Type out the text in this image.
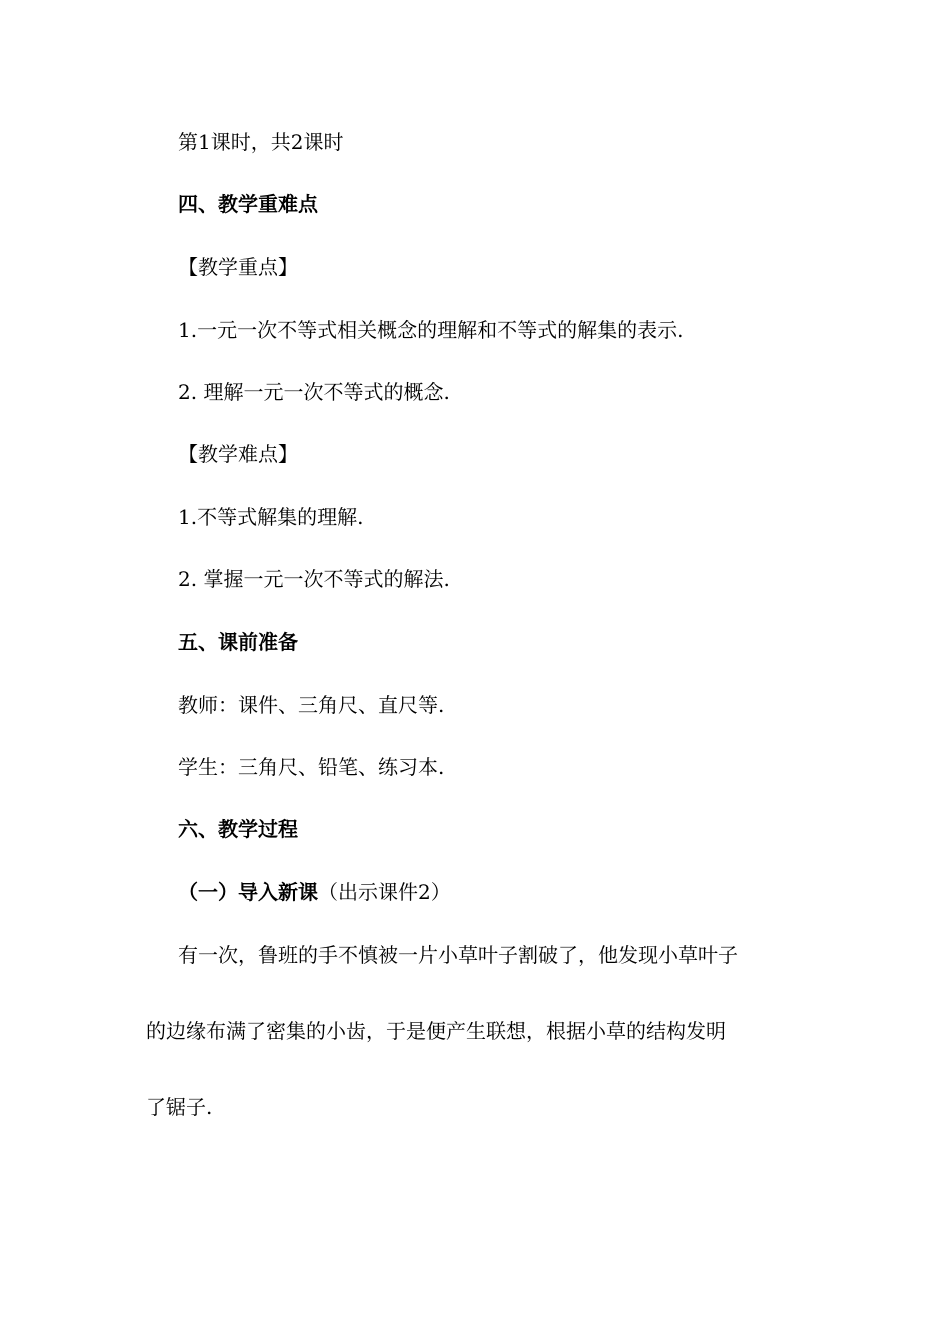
第1课时，共2课时

四、教学重难点

【教学重点】

1.一元一次不等式相关概念的理解和不等式的解集的表示.

2. 理解一元一次不等式的概念.

【教学难点】

1.不等式解集的理解.

2. 掌握一元一次不等式的解法.

五、课前准备

教师：课件、三角尺、直尺等.

学生：三角尺、铅笔、练习本.

六、教学过程

（一）导入新课（出示课件2）

有一次，鲁班的手不慎被一片小草叶子割破了，他发现小草叶子
的边缘布满了密集的小齿，于是便产生联想，根据小草的结构发明
了锯子.
